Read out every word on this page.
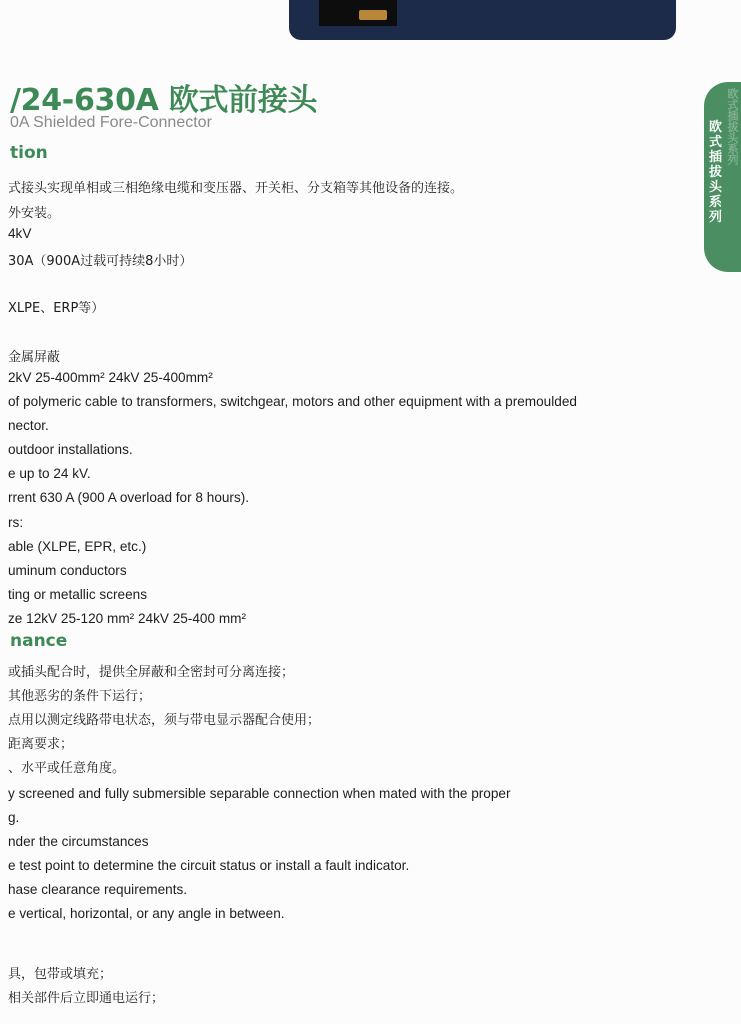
欧式插拔头系列
欧式插拔头系列
/24-630A 欧式前接头

0A Shielded Fore-Connector

tion

式接头实现单相或三相绝缘电缆和变压器、开关柜、分支箱等其他设备的连接。

外安装。

4kV

30A（900A过载可持续8小时）

XLPE、ERP等）

金属屏蔽

2kV 25-400mm² 24kV 25-400mm²

of polymeric cable to transformers, switchgear, motors and other equipment with a premoulded

nector.

outdoor installations.

e up to 24 kV.

rrent 630 A (900 A overload for 8 hours).

rs:

able (XLPE, EPR, etc.)

uminum conductors

ting or metallic screens

ze 12kV 25-120 mm² 24kV 25-400 mm²

nance

或插头配合时，提供全屏蔽和全密封可分离连接；

其他恶劣的条件下运行；

点用以测定线路带电状态，须与带电显示器配合使用；

距离要求；

、水平或任意角度。

y screened and fully submersible separable connection when mated with the proper

g.

nder the circumstances

e test point to determine the circuit status or install a fault indicator.

hase clearance requirements.

e vertical, horizontal, or any angle in between.

具，包带或填充；

相关部件后立即通电运行；
